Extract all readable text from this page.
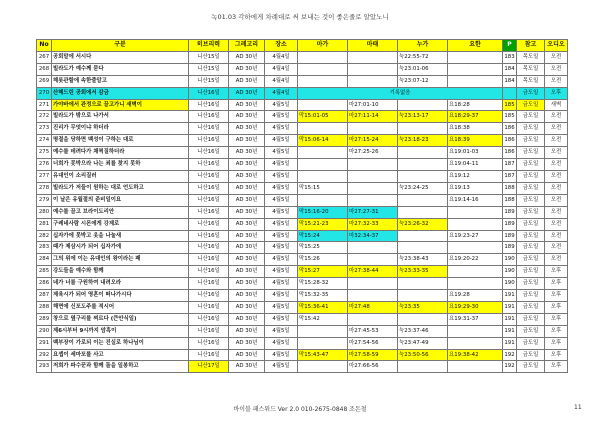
녹01.03 각하에게 차례대로 써 보내는 것이 좋은줄로 알았노니
No	구분	히브리력	그레고리	장소	마가	마태	누가	요한	P	참고	오디오
267	공회말에 서시다	니산15일	AD 30년	4월4일			눅22:55-72		183	목도일	오전
268	빌라도가 예수께 묻다	니산15일	AD 30년	4월4일			눅23:01-06		184	목도일	오전
269	헤롯관할에 속한줄알고	니산15일	AD 30년	4월4일			눅23:07-12		184	목도일	오전
270	산헤드린 공회에서 감금	니산16일	AD 30년	4월4일	기록없음					금도일	오후
271	가야바에서 관정으로 끌고가니 새벽이	니산16일	AD 30년	4월5일		마27:01-10		요18:28	185	금도일	새벽
272	빌라도가 밖으로 나가서	니산16일	AD 30년	4월5일	막15:01-05	마27:11-14	눅23:13-17	요18:29-37	185	금도일	오전
273	진리가 무엇이냐 하더라	니산16일	AD 30년	4월5일				요18:38	186	금도일	오전
274	명절을 당하면 백성이 구하는 대로	니산16일	AD 30년	4월5일	막15:06-14	마27:15-24	눅23:18-23	요18:39	186	금도일	오전
275	예수를 데려다가 채찍질하더라	니산16일	AD 30년	4월5일		마27:25-26		요19:01-03	186	금도일	오전
276	너희가 못박으라 나는 죄를 찾지 못하	니산16일	AD 30년	4월5일				요19:04-11	187	금도일	오전
277	유대인이 소리질러	니산16일	AD 30년	4월5일				요19:12	187	금도일	오전
278	빌라도가 저들이 원하는 대로 언도하고	니산16일	AD 30년	4월5일	막15:15		눅23:24-25	요19:13	188	금도일	오전
279	이 날은 유월절의 준비일이요	니산16일	AD 30년	4월5일				요19:14-16	188	금도일	오전
280	예수를 끌고 브라이도리안	니산16일	AD 30년	4월5일	막15:16-20	마27:27-31			189	금도일	오전
281	구레네사람 시몬에게 강제로	니산16일	AD 30년	4월5일	막15:21-23	마27:32-33	눅23:26-32		189	금도일	오전
282	십자가에 못박고 옷을 나눌새	니산16일	AD 30년	4월5일	막15:24	마32:34-37		요19:23-27	189	금도일	오전
283	때가 제삼시가 되어 십자가에	니산16일	AD 30년	4월5일	막15:25				189	금도일	오전
284	그의 위에 이는 유대인의 왕이라는 패	니산16일	AD 30년	4월5일	막15:26		눅23:38-43	요19:20-22	190	금도일	오전
285	강도들을 예수와 함께	니산16일	AD 30년	4월5일	막15:27	마27:38-44	눅23:33-35		190	금도일	오후
286	네가 너를 구원하여 내려오라	니산16일	AD 30년	4월5일	막15:28-32				190	금도일	오후
287	제육시가 되어 영혼이 떠나가시다	니산16일	AD 30년	4월5일	막15:32-35			요19:28	191	금도일	오후
288	해면에 신포도주를 적시어	니산16일	AD 30년	4월5일	막15:36-41	마27:48	눅23:35	요19:29-30	191	금도일	오후
289	창으로 옆구리를 찌르다 (큰안식일)	니산16일	AD 30년	4월5일	막15:42			요19:31-37	191	금도일	오후
290	제6시부터 9시까지 암흑이	니산16일	AD 30년	4월5일		마27:45-53	눅23:37-46		191	금도일	오후
291	백부장이 가로되 이는 진실로 하나님이	니산16일	AD 30년	4월5일		마27:54-56	눅23:47-49		191	금도일	오후
292	요셉이 세마포를 사고	니산16일	AD 30년	4월5일	막15:43-47	마27:58-59	눅23:50-56	요19:38-42	192	금도일	오후
293	저희가 파수꾼과 함께 돌을 일봉하고	니산17일	AD 30년	4월5일		마27:66-56			192	금도일	오후
바이블 패스워드 Ver 2.0 010-2675-0848 조돈철	11
